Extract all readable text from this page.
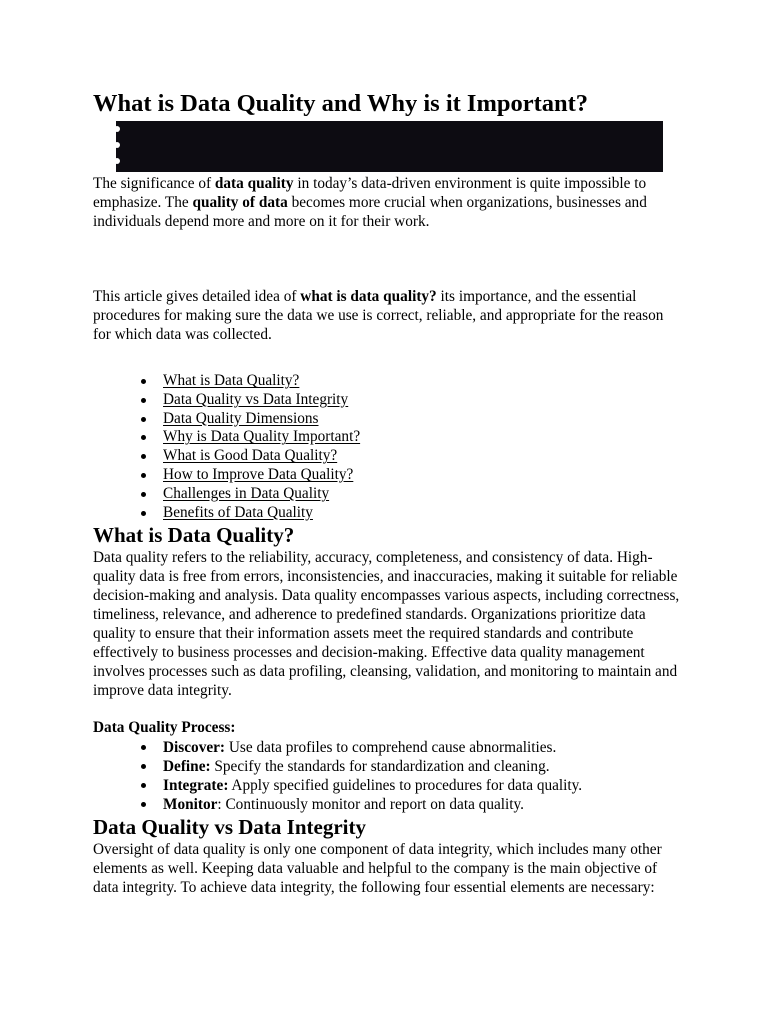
What is Data Quality and Why is it Important?

The significance of data quality in today’s data-driven environment is quite impossible to emphasize. The quality of data becomes more crucial when organizations, businesses and individuals depend more and more on it for their work.

This article gives detailed idea of what is data quality? its importance, and the essential procedures for making sure the data we use is correct, reliable, and appropriate for the reason for which data was collected.

What is Data Quality?
Data Quality vs Data Integrity
Data Quality Dimensions
Why is Data Quality Important?
What is Good Data Quality?
How to Improve Data Quality?
Challenges in Data Quality
Benefits of Data Quality
What is Data Quality?

Data quality refers to the reliability, accuracy, completeness, and consistency of data. High-quality data is free from errors, inconsistencies, and inaccuracies, making it suitable for reliable decision-making and analysis. Data quality encompasses various aspects, including correctness, timeliness, relevance, and adherence to predefined standards. Organizations prioritize data quality to ensure that their information assets meet the required standards and contribute effectively to business processes and decision-making. Effective data quality management involves processes such as data profiling, cleansing, validation, and monitoring to maintain and improve data integrity.

Data Quality Process:

Discover: Use data profiles to comprehend cause abnormalities.
Define: Specify the standards for standardization and cleaning.
Integrate: Apply specified guidelines to procedures for data quality.
Monitor: Continuously monitor and report on data quality.
Data Quality vs Data Integrity

Oversight of data quality is only one component of data integrity, which includes many other elements as well. Keeping data valuable and helpful to the company is the main objective of data integrity. To achieve data integrity, the following four essential elements are necessary:
